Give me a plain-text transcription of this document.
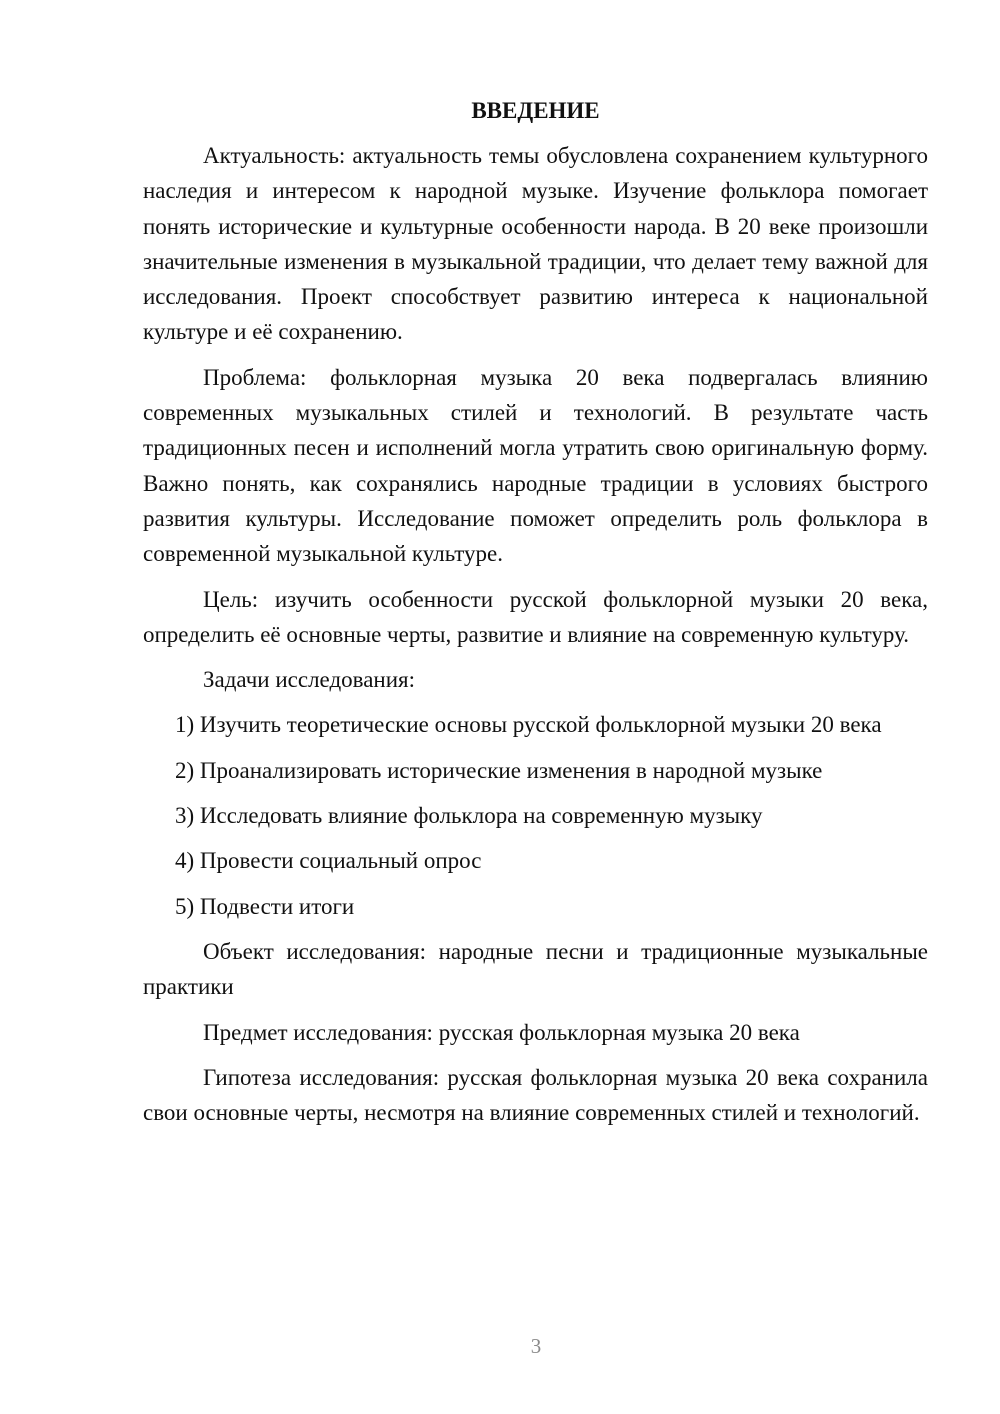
ВВЕДЕНИЕ

Актуальность: актуальность темы обусловлена сохранением культурного наследия и интересом к народной музыке. Изучение фольклора помогает понять исторические и культурные особенности народа. В 20 веке произошли значительные изменения в музыкальной традиции, что делает тему важной для исследования. Проект способствует развитию интереса к национальной культуре и её сохранению.

Проблема: фольклорная музыка 20 века подвергалась влиянию современных музыкальных стилей и технологий. В результате часть традиционных песен и исполнений могла утратить свою оригинальную форму. Важно понять, как сохранялись народные традиции в условиях быстрого развития культуры. Исследование поможет определить роль фольклора в современной музыкальной культуре.

Цель: изучить особенности русской фольклорной музыки 20 века, определить её основные черты, развитие и влияние на современную культуру.

Задачи исследования:

1) Изучить теоретические основы русской фольклорной музыки 20 века

2) Проанализировать исторические изменения в народной музыке

3) Исследовать влияние фольклора на современную музыку

4) Провести социальный опрос

5) Подвести итоги

Объект исследования: народные песни и традиционные музыкальные практики

Предмет исследования: русская фольклорная музыка 20 века

Гипотеза исследования: русская фольклорная музыка 20 века сохранила свои основные черты, несмотря на влияние современных стилей и технологий.

3
